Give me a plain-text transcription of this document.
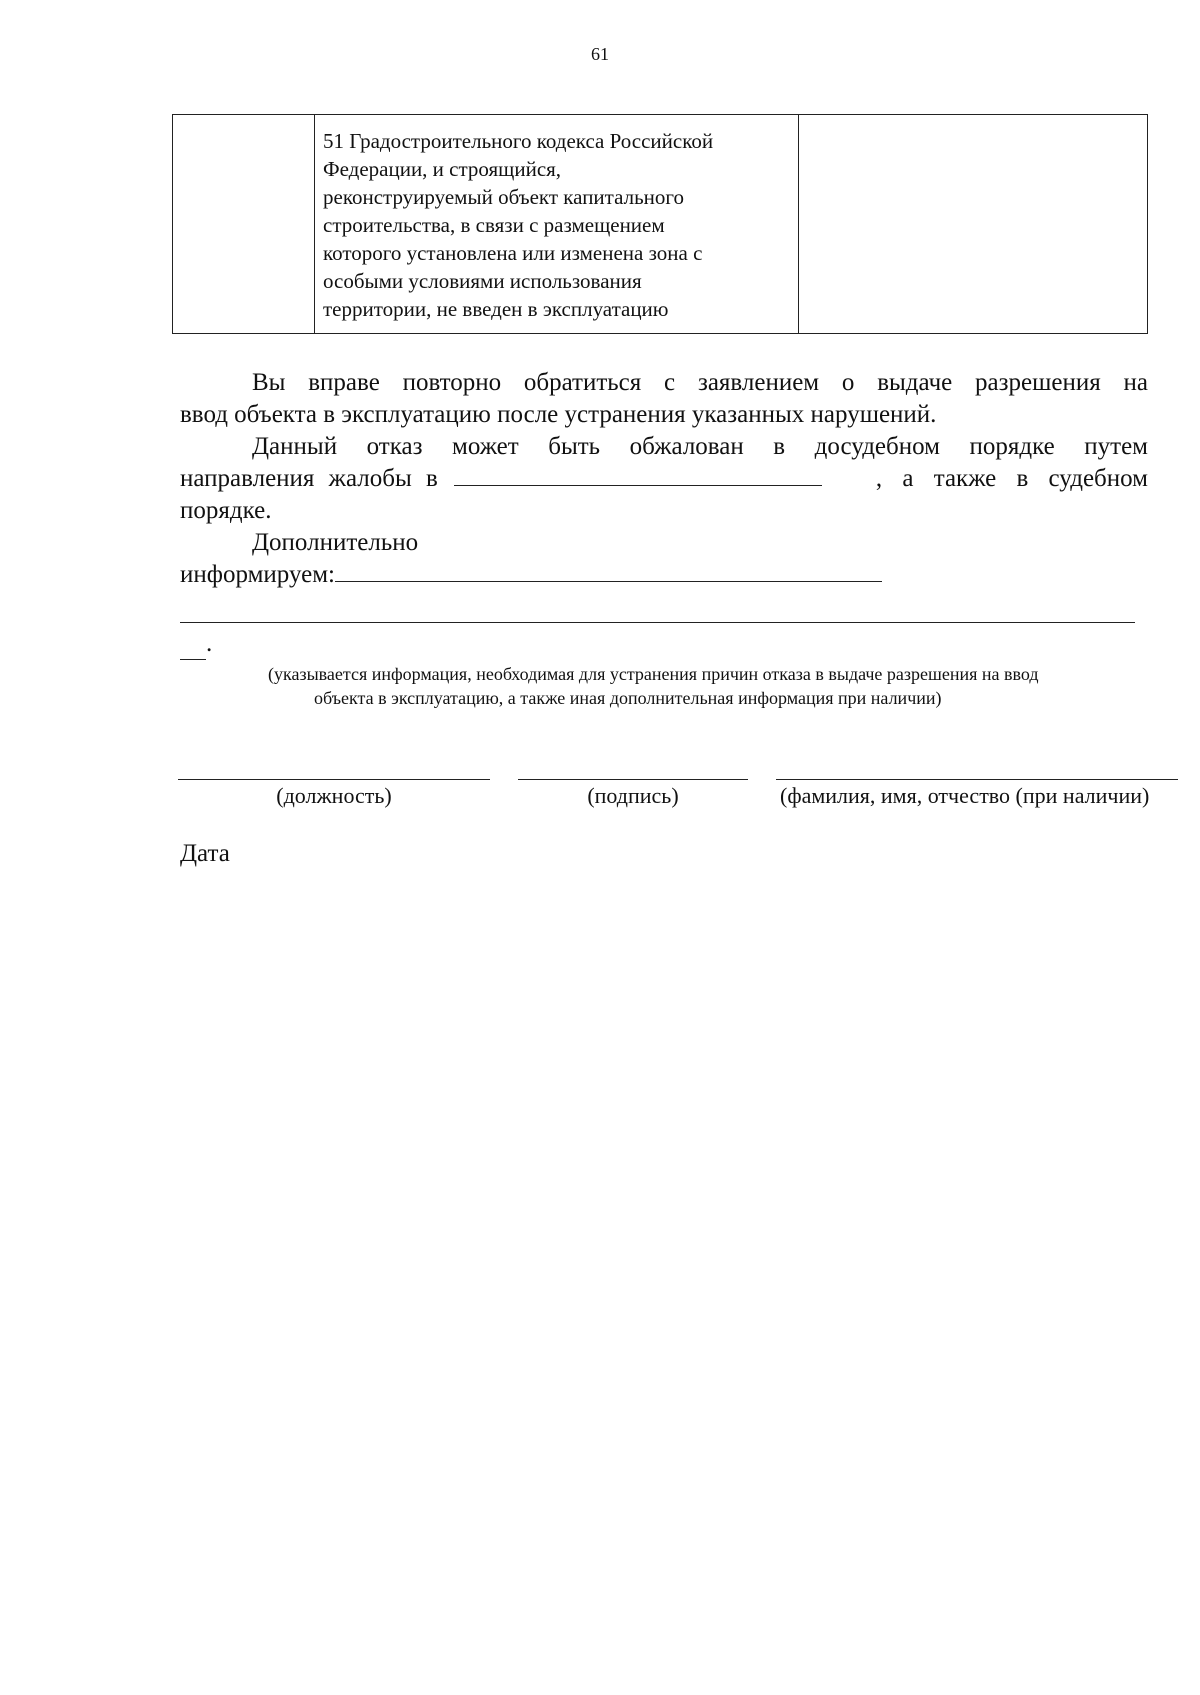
61

51 Градостроительного кодекса Российской
Федерации, и строящийся,
реконструируемый объект капитального
строительства, в связи с размещением
которого установлена или изменена зона с
особыми условиями использования
территории, не введен в эксплуатацию

Вы вправе повторно обратиться с заявлением о выдаче разрешения на
ввод объекта в эксплуатацию после устранения указанных нарушений.
Данный отказ может быть обжалован в досудебном порядке путем
направления жалобы в	, а также в судебном
порядке.
Дополнительно
информируем:
.
(указывается информация, необходимая для устранения причин отказа в выдаче разрешения на ввод
объекта в эксплуатацию, а также иная дополнительная информация при наличии)
(должность)	(подпись)	(фамилия, имя, отчество (при наличии)
Дата
